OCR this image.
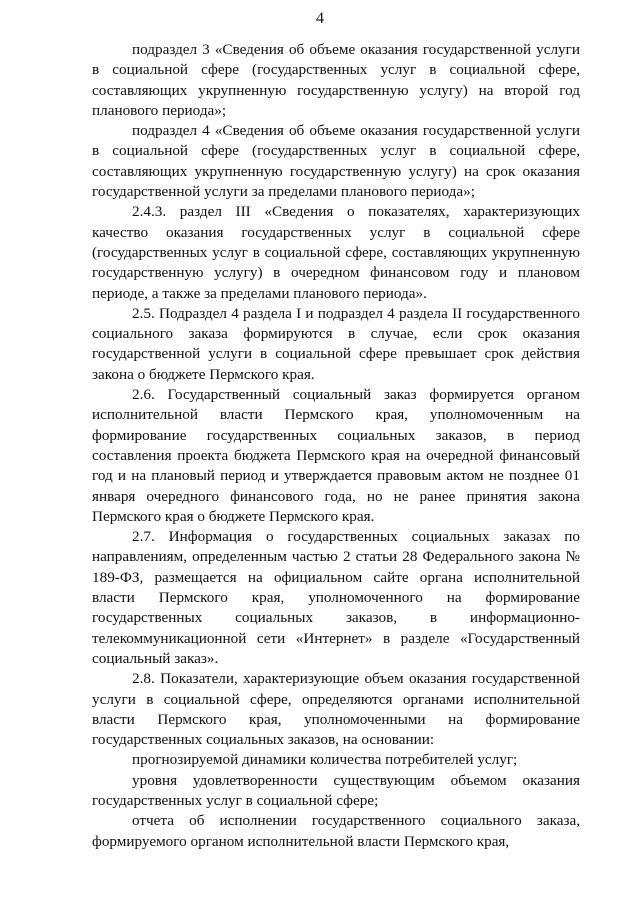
4

подраздел 3 «Сведения об объеме оказания государственной услуги в социальной сфере (государственных услуг в социальной сфере, составляющих укрупненную государственную услугу) на второй год планового периода»;

подраздел 4 «Сведения об объеме оказания государственной услуги в социальной сфере (государственных услуг в социальной сфере, составляющих укрупненную государственную услугу) на срок оказания государственной услуги за пределами планового периода»;

2.4.3. раздел III «Сведения о показателях, характеризующих качество оказания государственных услуг в социальной сфере (государственных услуг в социальной сфере, составляющих укрупненную государственную услугу) в очередном финансовом году и плановом периоде, а также за пределами планового периода».

2.5. Подраздел 4 раздела I и подраздел 4 раздела II государственного социального заказа формируются в случае, если срок оказания государственной услуги в социальной сфере превышает срок действия закона о бюджете Пермского края.

2.6. Государственный социальный заказ формируется органом исполнительной власти Пермского края, уполномоченным на формирование государственных социальных заказов, в период составления проекта бюджета Пермского края на очередной финансовый год и на плановый период и утверждается правовым актом не позднее 01 января очередного финансового года, но не ранее принятия закона Пермского края о бюджете Пермского края.

2.7. Информация о государственных социальных заказах по направлениям, определенным частью 2 статьи 28 Федерального закона № 189-ФЗ, размещается на официальном сайте органа исполнительной власти Пермского края, уполномоченного на формирование государственных социальных заказов, в информационно-телекоммуникационной сети «Интернет» в разделе «Государственный социальный заказ».

2.8. Показатели, характеризующие объем оказания государственной услуги в социальной сфере, определяются органами исполнительной власти Пермского края, уполномоченными на формирование государственных социальных заказов, на основании:

прогнозируемой динамики количества потребителей услуг;

уровня удовлетворенности существующим объемом оказания государственных услуг в социальной сфере;

отчета об исполнении государственного социального заказа, формируемого органом исполнительной власти Пермского края,
